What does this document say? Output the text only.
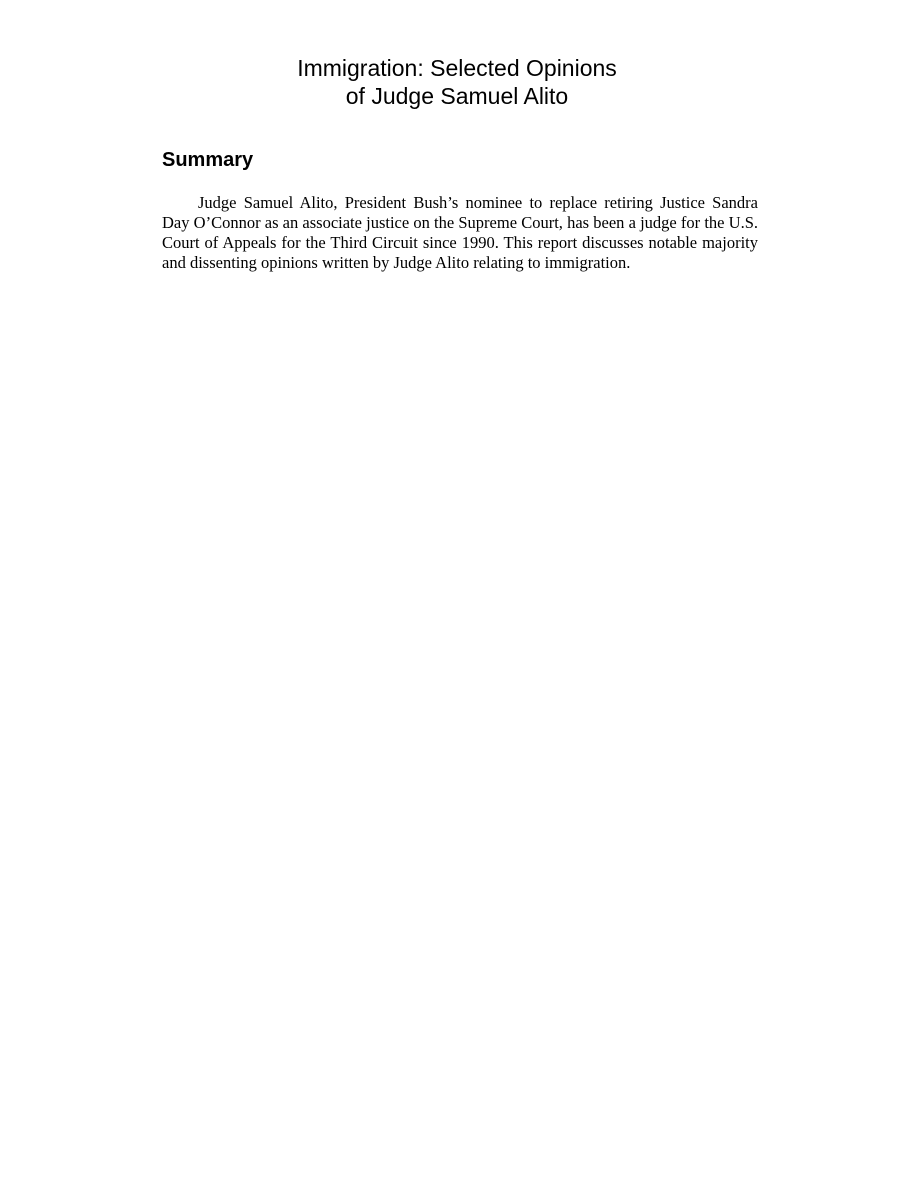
Immigration: Selected Opinions
of Judge Samuel Alito
Summary

Judge Samuel Alito, President Bush’s nominee to replace retiring Justice Sandra Day O’Connor as an associate justice on the Supreme Court, has been a judge for the U.S. Court of Appeals for the Third Circuit since 1990. This report discusses notable majority and dissenting opinions written by Judge Alito relating to immigration.
